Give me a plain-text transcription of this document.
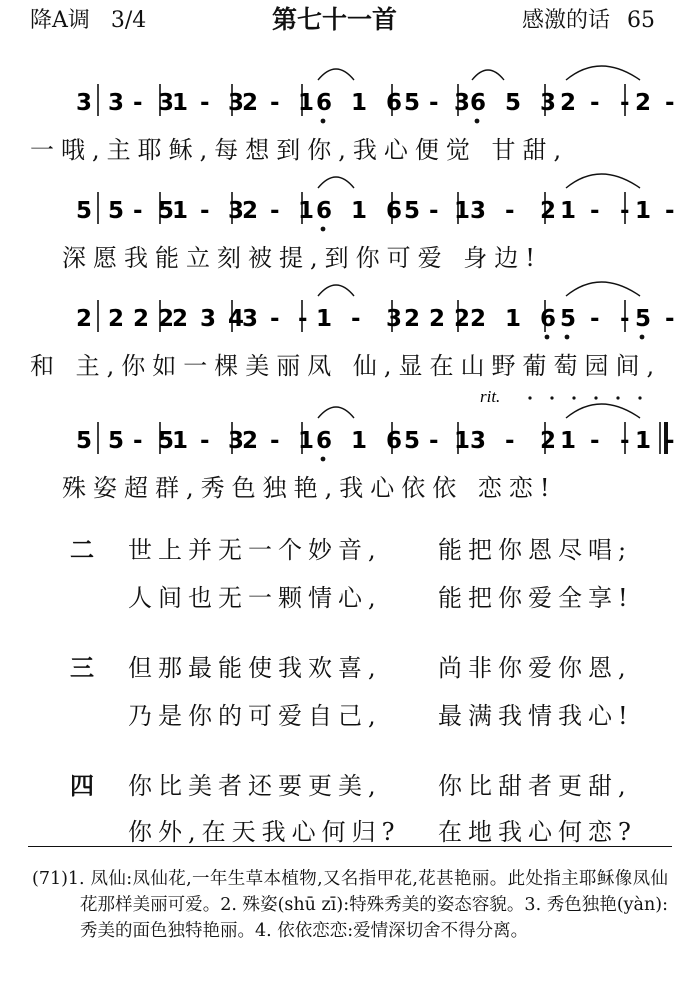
降A调 3/4	第七十一首	感激的话 65
3 3 - 3
1 - 3
2 - 1 6 1 6 5 - 3 6 5 3 2 - - 2 -
5 5 - 5
1 - 3
2 - 1 6 1 6 5 - 1 3 - 2 1 - - 1 -
2 2 2 2
2 3 4
3 - - 1 - 3 2 2 2 2 1 6 5 - - 5 -
5 5 - 5
1 - 3
2 - 1 6 1 6 5 - 1 3 - 2 1 - - 1 -
rit.
一哦,主耶稣,每想到你,我心便觉 甘甜,
深愿我能立刻被提,到你可爱 身边!
和 主,你如一棵美丽凤 仙,显在山野葡萄园间,
殊姿超群,秀色独艳,我心依依 恋恋!
二 世上并无一个妙音, 能把你恩尽唱;
人间也无一颗情心, 能把你爱全享!
三 但那最能使我欢喜, 尚非你爱你恩,
乃是你的可爱自己, 最满我情我心!
四 你比美者还要更美, 你比甜者更甜,
你外,在天我心何归? 在地我心何恋?
(71)1. 凤仙:凤仙花,一年生草本植物,又名指甲花,花甚艳丽。此处指主耶稣像凤仙花那样美丽可爱。2. 殊姿(shū zī):特殊秀美的姿态容貌。3. 秀色独艳(yàn):秀美的面色独特艳丽。4. 依依恋恋:爱情深切舍不得分离。
